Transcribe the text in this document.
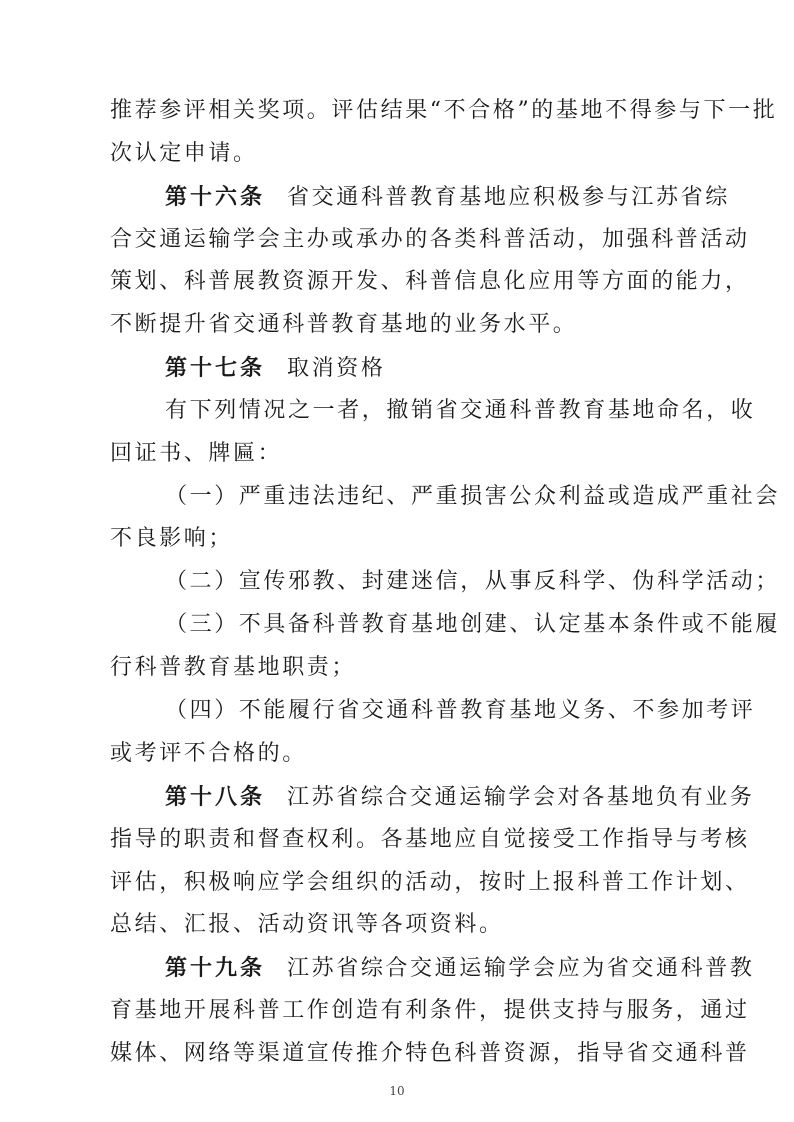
推荐参评相关奖项。评估结果“不合格”的基地不得参与下一批
次认定申请。
第十六条 省交通科普教育基地应积极参与江苏省综
合交通运输学会主办或承办的各类科普活动，加强科普活动
策划、科普展教资源开发、科普信息化应用等方面的能力，
不断提升省交通科普教育基地的业务水平。
第十七条 取消资格
有下列情况之一者，撤销省交通科普教育基地命名，收
回证书、牌匾：
（一）严重违法违纪、严重损害公众利益或造成严重社会
不良影响；
（二）宣传邪教、封建迷信，从事反科学、伪科学活动；
（三）不具备科普教育基地创建、认定基本条件或不能履
行科普教育基地职责；
（四）不能履行省交通科普教育基地义务、不参加考评
或考评不合格的。
第十八条 江苏省综合交通运输学会对各基地负有业务
指导的职责和督查权利。各基地应自觉接受工作指导与考核
评估，积极响应学会组织的活动，按时上报科普工作计划、
总结、汇报、活动资讯等各项资料。
第十九条 江苏省综合交通运输学会应为省交通科普教
育基地开展科普工作创造有利条件，提供支持与服务，通过
媒体、网络等渠道宣传推介特色科普资源，指导省交通科普
10
